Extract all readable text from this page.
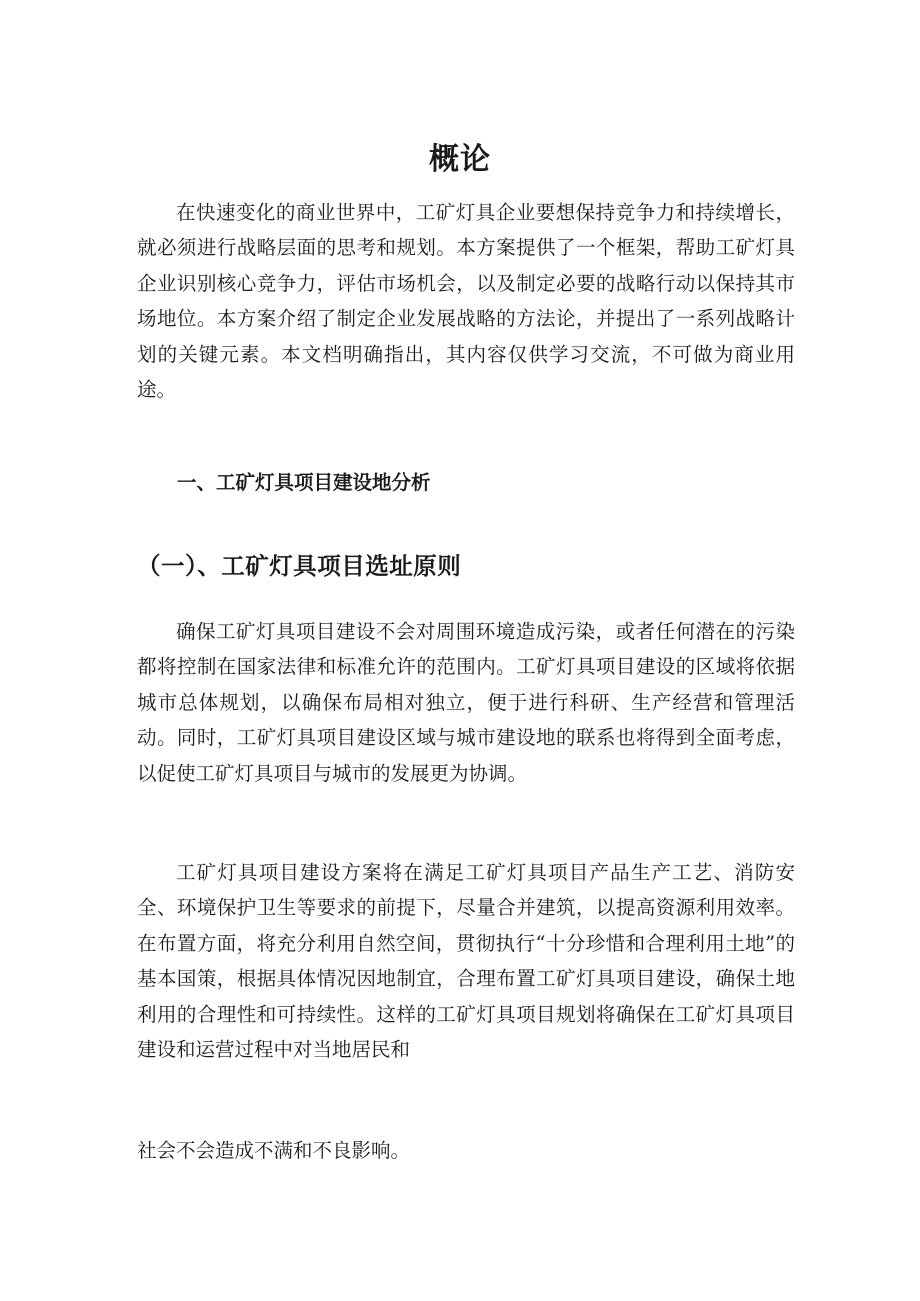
概论

在快速变化的商业世界中，工矿灯具企业要想保持竞争力和持续增长，就必须进行战略层面的思考和规划。本方案提供了一个框架，帮助工矿灯具企业识别核心竞争力，评估市场机会，以及制定必要的战略行动以保持其市场地位。本方案介绍了制定企业发展战略的方法论，并提出了一系列战略计划的关键元素。本文档明确指出，其内容仅供学习交流，不可做为商业用途。

一、工矿灯具项目建设地分析
（一）、工矿灯具项目选址原则

确保工矿灯具项目建设不会对周围环境造成污染，或者任何潜在的污染都将控制在国家法律和标准允许的范围内。工矿灯具项目建设的区域将依据城市总体规划，以确保布局相对独立，便于进行科研、生产经营和管理活动。同时，工矿灯具项目建设区域与城市建设地的联系也将得到全面考虑，以促使工矿灯具项目与城市的发展更为协调。

工矿灯具项目建设方案将在满足工矿灯具项目产品生产工艺、消防安全、环境保护卫生等要求的前提下，尽量合并建筑，以提高资源利用效率。在布置方面，将充分利用自然空间，贯彻执行“十分珍惜和合理利用土地”的基本国策，根据具体情况因地制宜，合理布置工矿灯具项目建设，确保土地利用的合理性和可持续性。这样的工矿灯具项目规划将确保在工矿灯具项目建设和运营过程中对当地居民和

社会不会造成不满和不良影响。
